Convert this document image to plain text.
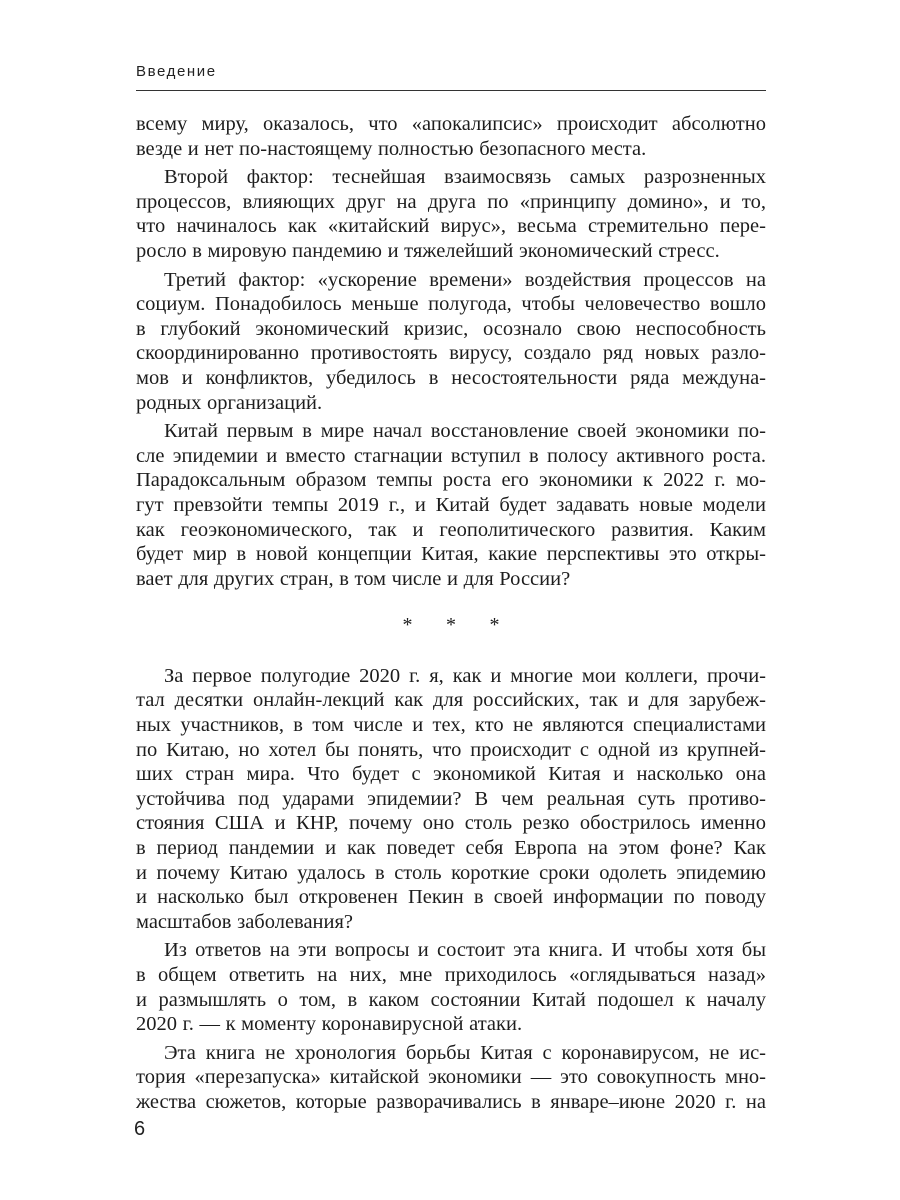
Введение
всему миру, оказалось, что «апокалипсис» происходит абсолютно
везде и нет по-настоящему полностью безопасного места.
Второй фактор: теснейшая взаимосвязь самых разрозненных
процессов, влияющих друг на друга по «принципу домино», и то,
что начиналось как «китайский вирус», весьма стремительно пере-
росло в мировую пандемию и тяжелейший экономический стресс.
Третий фактор: «ускорение времени» воздействия процессов на
социум. Понадобилось меньше полугода, чтобы человечество вошло
в глубокий экономический кризис, осознало свою неспособность
скоординированно противостоять вирусу, создало ряд новых разло-
мов и конфликтов, убедилось в несостоятельности ряда междуна-
родных организаций.
Китай первым в мире начал восстановление своей экономики по-
сле эпидемии и вместо стагнации вступил в полосу активного роста.
Парадоксальным образом темпы роста его экономики к 2022 г. мо-
гут превзойти темпы 2019 г., и Китай будет задавать новые модели
как геоэкономического, так и геополитического развития. Каким
будет мир в новой концепции Китая, какие перспективы это откры-
вает для других стран, в том числе и для России?
* * *
За первое полугодие 2020 г. я, как и многие мои коллеги, прочи-
тал десятки онлайн-лекций как для российских, так и для зарубеж-
ных участников, в том числе и тех, кто не являются специалистами
по Китаю, но хотел бы понять, что происходит с одной из крупней-
ших стран мира. Что будет с экономикой Китая и насколько она
устойчива под ударами эпидемии? В чем реальная суть противо-
стояния США и КНР, почему оно столь резко обострилось именно
в период пандемии и как поведет себя Европа на этом фоне? Как
и почему Китаю удалось в столь короткие сроки одолеть эпидемию
и насколько был откровенен Пекин в своей информации по поводу
масштабов заболевания?
Из ответов на эти вопросы и состоит эта книга. И чтобы хотя бы
в общем ответить на них, мне приходилось «оглядываться назад»
и размышлять о том, в каком состоянии Китай подошел к началу
2020 г. — к моменту коронавирусной атаки.
Эта книга не хронология борьбы Китая с коронавирусом, не ис-
тория «перезапуска» китайской экономики — это совокупность мно-
жества сюжетов, которые разворачивались в январе–июне 2020 г. на
6
